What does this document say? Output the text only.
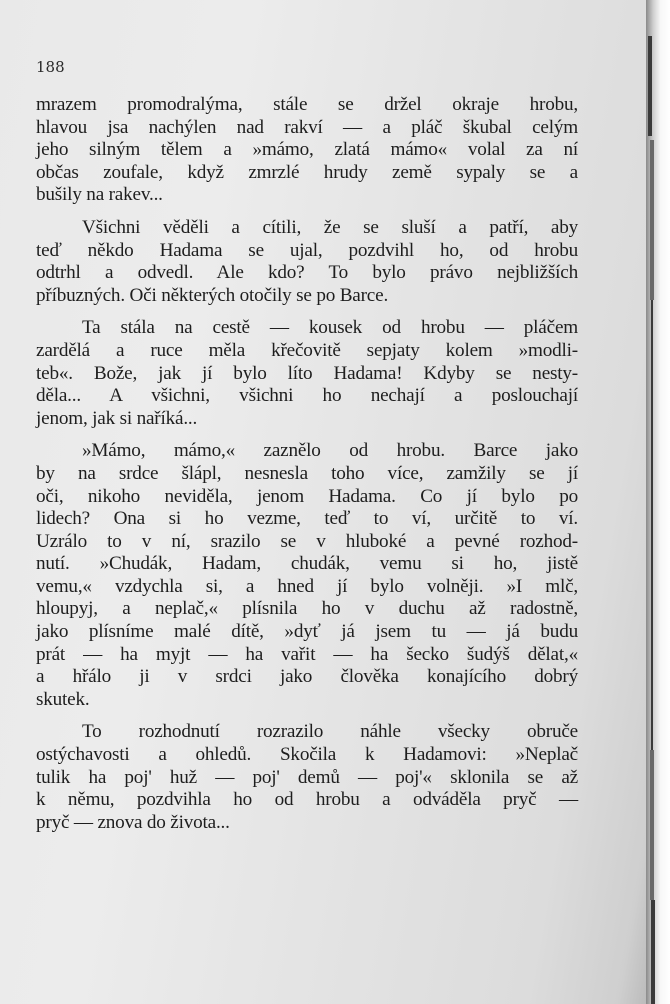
188
mrazem promodralýma, stále se držel okraje hrobu,
hlavou jsa nachýlen nad rakví — a pláč škubal celým
jeho silným tělem a »mámo, zlatá mámo« volal za ní
občas zoufale, když zmrzlé hrudy země sypaly se a
bušily na rakev...
Všichni věděli a cítili, že se sluší a patří, aby
teď někdo Hadama se ujal, pozdvihl ho, od hrobu
odtrhl a odvedl. Ale kdo? To bylo právo nejbližších
příbuzných. Oči některých otočily se po Barce.
Ta stála na cestě — kousek od hrobu — pláčem
zardělá a ruce měla křečovitě sepjaty kolem »modli-
teb«. Bože, jak jí bylo líto Hadama! Kdyby se nesty-
děla... A všichni, všichni ho nechají a poslouchají
jenom, jak si naříká...
»Mámo, mámo,« zaznělo od hrobu. Barce jako
by na srdce šlápl, nesnesla toho více, zamžily se jí
oči, nikoho neviděla, jenom Hadama. Co jí bylo po
lidech? Ona si ho vezme, teď to ví, určitě to ví.
Uzrálo to v ní, srazilo se v hluboké a pevné rozhod-
nutí. »Chudák, Hadam, chudák, vemu si ho, jistě
vemu,« vzdychla si, a hned jí bylo volněji. »I mlč,
hloupyj, a neplač,« plísnila ho v duchu až radostně,
jako plísníme malé dítě, »dyť já jsem tu — já budu
prát — ha myjt — ha vařit — ha šecko šudýš dělat,«
a hřálo ji v srdci jako člověka konajícího dobrý
skutek.
To rozhodnutí rozrazilo náhle všecky obruče
ostýchavosti a ohledů. Skočila k Hadamovi: »Neplač
tulik ha poj' huž — poj' demů — poj'« sklonila se až
k němu, pozdvihla ho od hrobu a odváděla pryč —
pryč — znova do života...
